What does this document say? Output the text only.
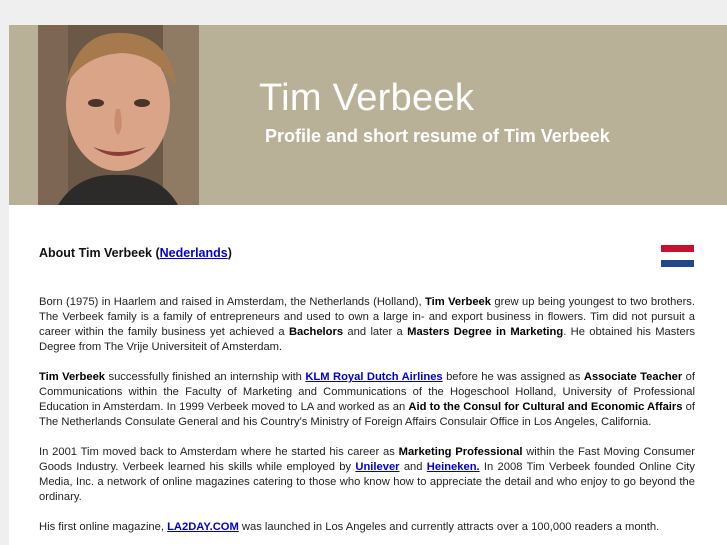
Tim Verbeek
Profile and short resume of Tim Verbeek
About Tim Verbeek (Nederlands)

Born (1975) in Haarlem and raised in Amsterdam, the Netherlands (Holland), Tim Verbeek grew up being youngest to two brothers. The Verbeek family is a family of entrepreneurs and used to own a large in- and export business in flowers. Tim did not pursuit a career within the family business yet achieved a Bachelors and later a Masters Degree in Marketing. He obtained his Masters Degree from The Vrije Universiteit of Amsterdam.

Tim Verbeek successfully finished an internship with KLM Royal Dutch Airlines before he was assigned as Associate Teacher of Communications within the Faculty of Marketing and Communications of the Hogeschool Holland, University of Professional Education in Amsterdam. In 1999 Verbeek moved to LA and worked as an Aid to the Consul for Cultural and Economic Affairs of The Netherlands Consulate General and his Country's Ministry of Foreign Affairs Consulair Office in Los Angeles, California.

In 2001 Tim moved back to Amsterdam where he started his career as Marketing Professional within the Fast Moving Consumer Goods Industry. Verbeek learned his skills while employed by Unilever and Heineken. In 2008 Tim Verbeek founded Online City Media, Inc. a network of online magazines catering to those who know how to appreciate the detail and who enjoy to go beyond the ordinary.

His first online magazine, LA2DAY.COM was launched in Los Angeles and currently attracts over a 100,000 readers a month.
